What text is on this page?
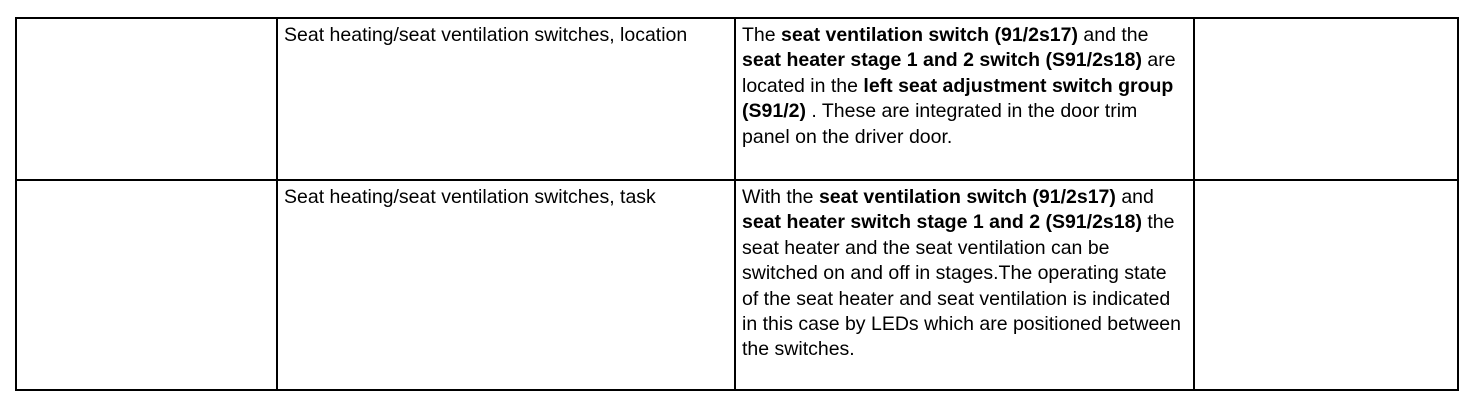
	Seat heating/seat ventilation switches, location	The seat ventilation switch (91/2s17) and the seat heater stage 1 and 2 switch (S91/2s18) are located in the left seat adjustment switch group (S91/2) . These are integrated in the door trim panel on the driver door.	
	Seat heating/seat ventilation switches, task	With the seat ventilation switch (91/2s17) and seat heater switch stage 1 and 2 (S91/2s18) the seat heater and the seat ventilation can be switched on and off in stages.The operating state of the seat heater and seat ventilation is indicated in this case by LEDs which are positioned between the switches.	
